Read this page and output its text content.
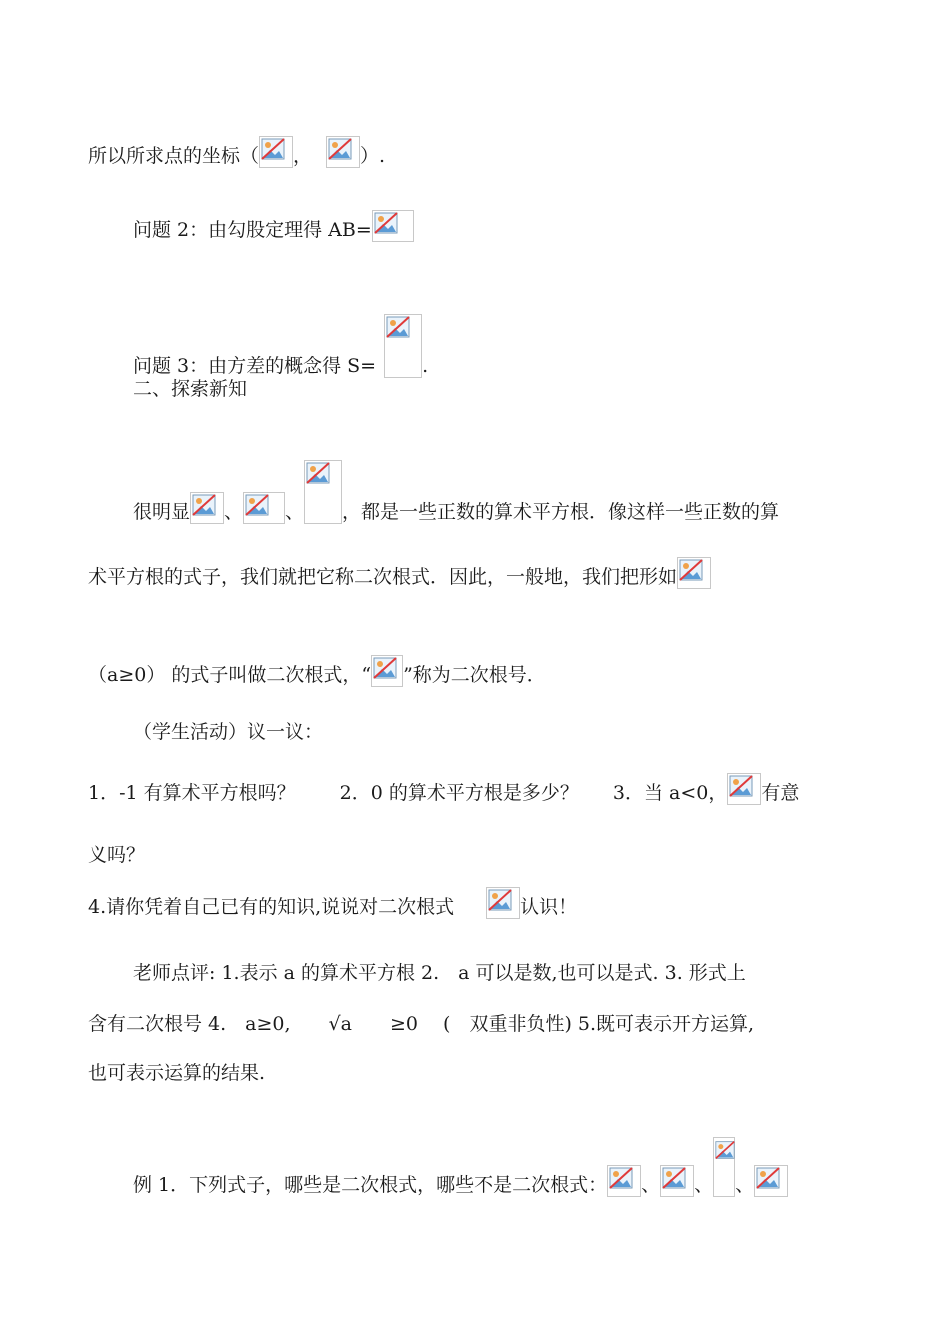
所以所求点的坐标（ ，	）.
问题 2：由勾股定理得 AB=
问题 3：由方差的概念得 S= .
二、探索新知
很明显 、 、 ，都是一些正数的算术平方根．像这样一些正数的算
术平方根的式子，我们就把它称二次根式．因此，一般地，我们把形如
（a≥0） 的式子叫做二次根式，“ ”称为二次根号．
（学生活动）议一议：
1．-1 有算术平方根吗？ 2．0 的算术平方根是多少？ 3．当 a<0， 有意
义吗？
4.请你凭着自己已有的知识,说说对二次根式	认识！
老师点评: 1.表示 a 的算术平方根 2.　a 可以是数,也可以是式. 3. 形式上
含有二次根号 4.　a≥0,　　√a　　≥0　 (　双重非负性) 5.既可表示开方运算,
也可表示运算的结果.
例 1．下列式子，哪些是二次根式，哪些不是二次根式： 、 、 、
